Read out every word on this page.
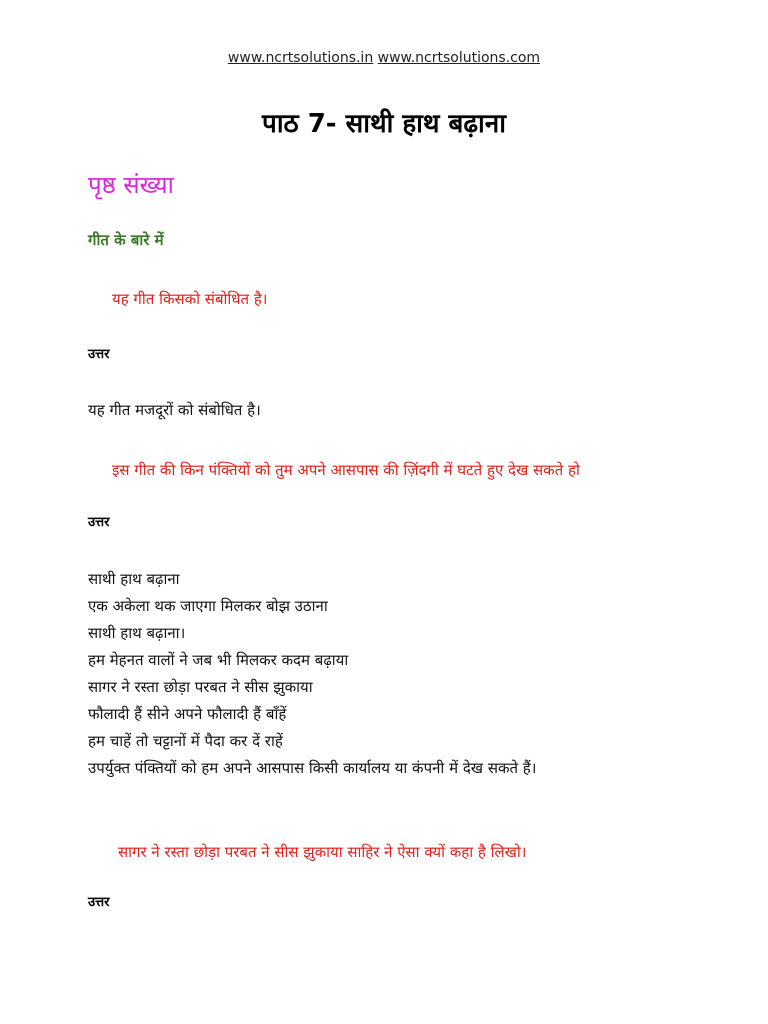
www.ncrtsolutions.in www.ncrtsolutions.com
पाठ 7- साथी हाथ बढ़ाना
पृष्ठ संख्या
गीत के बारे में
यह गीत किसको संबोधित है।
उत्तर
यह गीत मजदूरों को संबोधित है।
इस गीत की किन पंक्तियों को तुम अपने आसपास की ज़िंदगी में घटते हुए देख सकते हो
उत्तर
साथी हाथ बढ़ाना
एक अकेला थक जाएगा मिलकर बोझ उठाना
साथी हाथ बढ़ाना।
हम मेहनत वालों ने जब भी मिलकर कदम बढ़ाया
सागर ने रस्ता छोड़ा परबत ने सीस झुकाया
फौलादी हैं सीने अपने फौलादी हैं बाँहें
हम चाहें तो चट्टानों में पैदा कर दें राहें
उपर्युक्त पंक्तियों को हम अपने आसपास किसी कार्यालय या कंपनी में देख सकते हैं।
सागर ने रस्ता छोड़ा परबत ने सीस झुकाया साहिर ने ऐसा क्यों कहा है लिखो।
उत्तर
